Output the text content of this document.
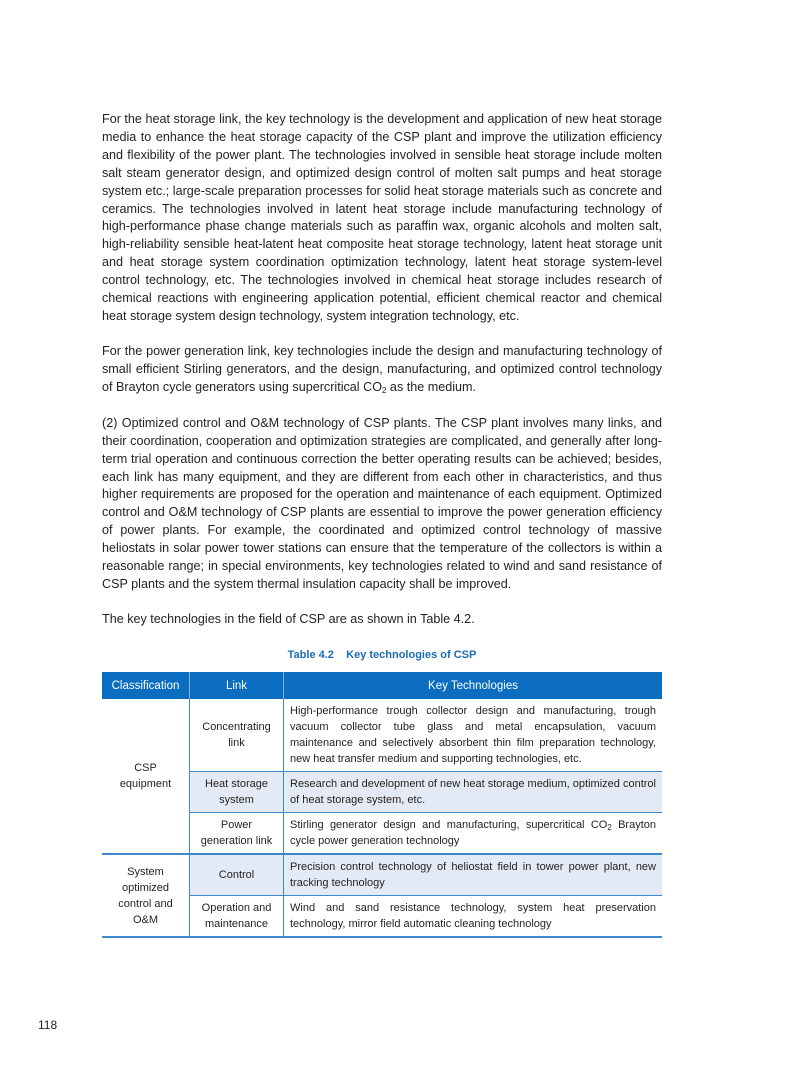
For the heat storage link, the key technology is the development and application of new heat storage media to enhance the heat storage capacity of the CSP plant and improve the utilization efficiency and flexibility of the power plant. The technologies involved in sensible heat storage include molten salt steam generator design, and optimized design control of molten salt pumps and heat storage system etc.; large-scale preparation processes for solid heat storage materials such as concrete and ceramics. The technologies involved in latent heat storage include manufacturing technology of high-performance phase change materials such as paraffin wax, organic alcohols and molten salt, high-reliability sensible heat-latent heat composite heat storage technology, latent heat storage unit and heat storage system coordination optimization technology, latent heat storage system-level control technology, etc. The technologies involved in chemical heat storage includes research of chemical reactions with engineering application potential, efficient chemical reactor and chemical heat storage system design technology, system integration technology, etc.

For the power generation link, key technologies include the design and manufacturing technology of small efficient Stirling generators, and the design, manufacturing, and optimized control technology of Brayton cycle generators using supercritical $CO_2$ as the medium.

(2) Optimized control and O&M technology of CSP plants. The CSP plant involves many links, and their coordination, cooperation and optimization strategies are complicated, and generally after long-term trial operation and continuous correction the better operating results can be achieved; besides, each link has many equipment, and they are different from each other in characteristics, and thus higher requirements are proposed for the operation and maintenance of each equipment. Optimized control and O&M technology of CSP plants are essential to improve the power generation efficiency of power plants. For example, the coordinated and optimized control technology of massive heliostats in solar power tower stations can ensure that the temperature of the collectors is within a reasonable range; in special environments, key technologies related to wind and sand resistance of CSP plants and the system thermal insulation capacity shall be improved.

The key technologies in the field of CSP are as shown in Table 4.2.

Table 4.2    Key technologies of CSP
Classification	Link	Key Technologies
CSP equipment	Concentrating link	High-performance trough collector design and manufacturing, trough vacuum collector tube glass and metal encapsulation, vacuum maintenance and selectively absorbent thin film preparation technology, new heat transfer medium and supporting technologies, etc.
	Heat storage system	Research and development of new heat storage medium, optimized control of heat storage system, etc.
	Power generation link	Stirling generator design and manufacturing, supercritical $CO_2$ Brayton cycle power generation technology
System optimized control and O&M	Control	Precision control technology of heliostat field in tower power plant, new tracking technology
	Operation and maintenance	Wind and sand resistance technology, system heat preservation technology, mirror field automatic cleaning technology
118
